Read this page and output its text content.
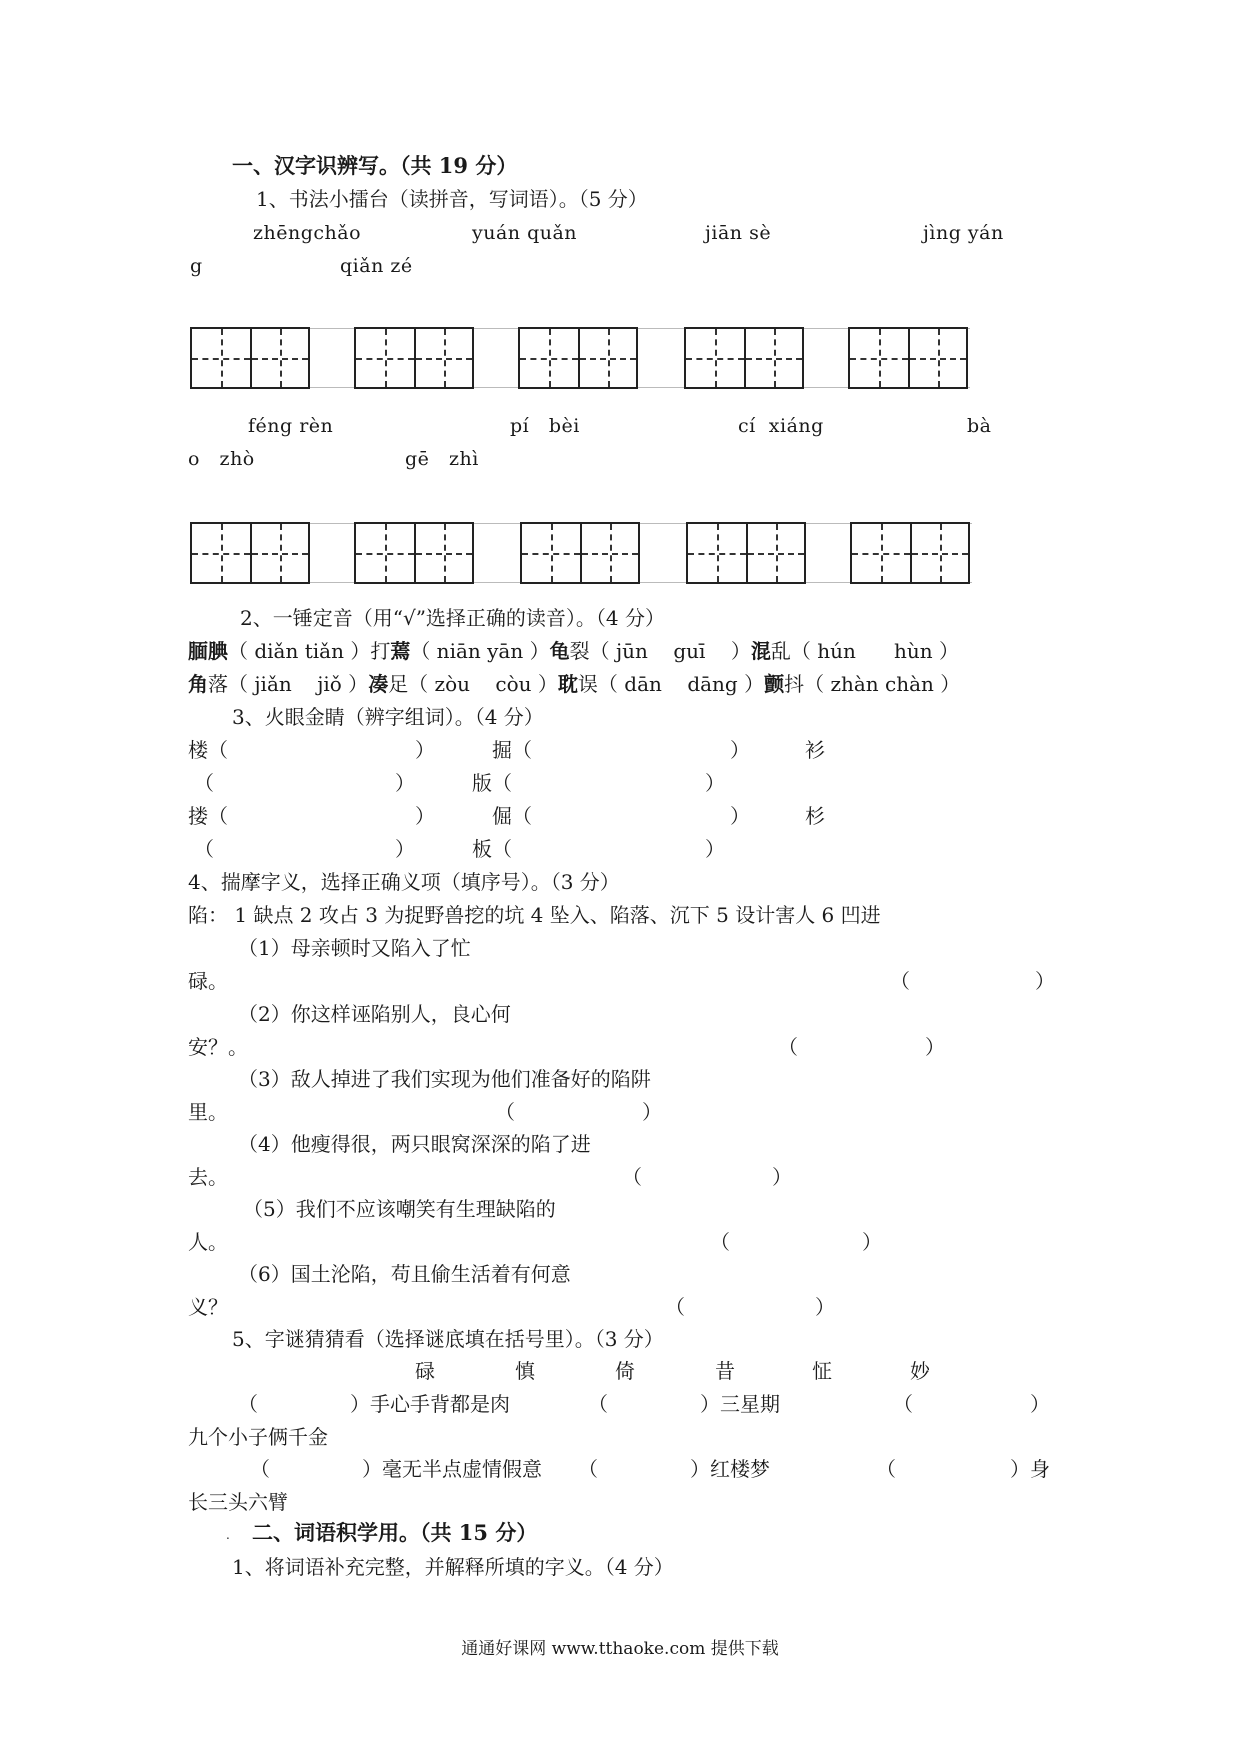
一、汉字识辨写。（共 19 分）
1、书法小擂台（读拼音，写词语）。（5 分）
zhēngchǎo	yuán quǎn	jiān sè	jìng yán
g	qiǎn zé
féng rèn	pí   bèi	cí  xiáng	bà
o   zhò	gē   zhì
2、一锤定音（用“√”选择正确的读音）。（4 分）
腼腆（ diǎn tiǎn ）打蔫（ niān yān ）龟裂（ jūn    guī    ）混乱（ hún      hùn ）
角落（ jiǎn    jiǒ ）凑足（ zòu    còu ）耽误（ dān    dāng ）颤抖（ zhàn chàn ）
3、火眼金睛（辨字组词）。（4 分）
楼（	）	掘（	）	衫
（	）	版（	）
搂（	）	倔（	）	杉
（	）	板（	）
4、揣摩字义，选择正确义项（填序号）。（3 分）
陷： 1 缺点 2 攻占 3 为捉野兽挖的坑 4 坠入、陷落、沉下 5 设计害人 6 凹进
（1）母亲顿时又陷入了忙
碌。	（	）
（2）你这样诬陷别人，良心何
安？。	（	）
（3）敌人掉进了我们实现为他们准备好的陷阱
里。	（	）
（4）他瘦得很，两只眼窝深深的陷了进
去。	（	）
（5）我们不应该嘲笑有生理缺陷的
人。	（	）
（6）国土沦陷，苟且偷生活着有何意
义？	（	）
5、字谜猜猜看（选择谜底填在括号里）。（3 分）
碌	慎	倚	昔	怔	妙
（	）手心手背都是肉	（	）三星期	（	）
九个小子俩千金
（	）毫无半点虚情假意 （	）红楼梦	（	）身
长三头六臂
. 二、词语积学用。（共 15 分）
1、将词语补充完整，并解释所填的字义。（4 分）
通通好课网 www.tthaoke.com 提供下载
